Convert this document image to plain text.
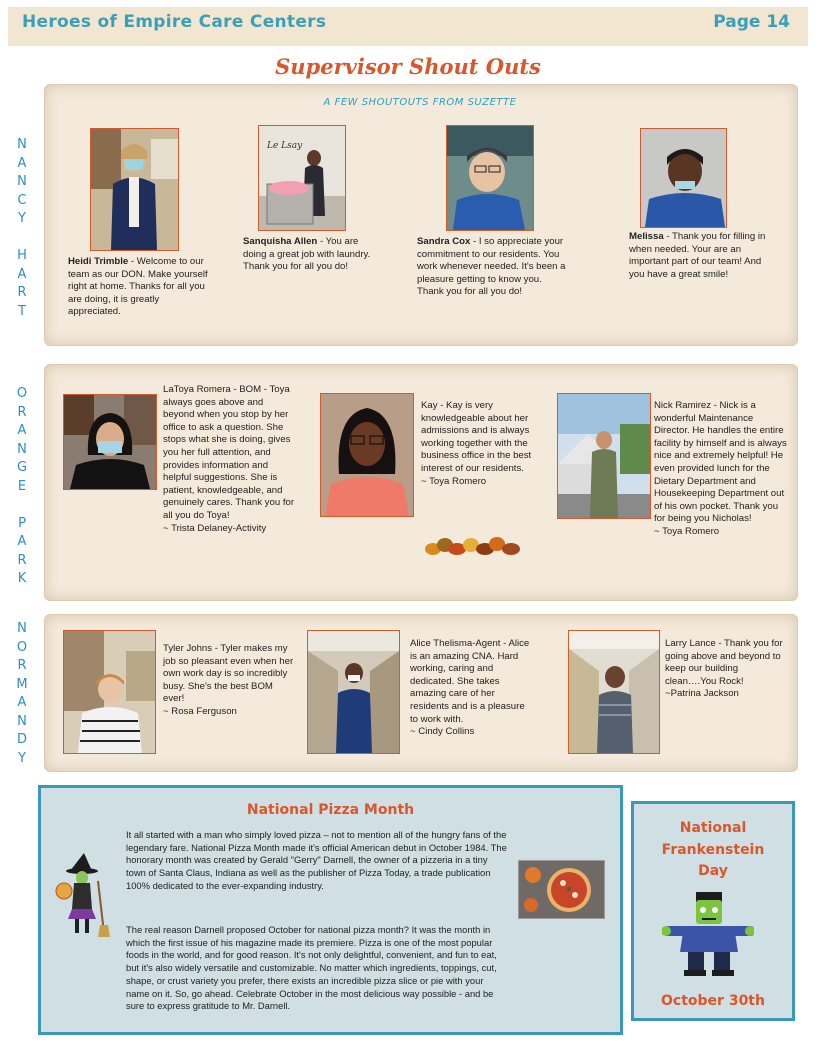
Heroes of Empire Care Centers	Page 14
Supervisor Shout Outs
N
A
N
C
Y

H
A
R
T
A FEW SHOUTOUTS FROM SUZETTE
Heidi Trimble - Welcome to our team as our DON. Make yourself right at home. Thanks for all you are doing, it is greatly appreciated.
Le Lsay
Sanquisha Allen - You are doing a great job with laundry. Thank you for all you do!
Sandra Cox - I so appreciate your commitment to our residents. You work whenever needed. It's been a pleasure getting to know you. Thank you for all you do!
Melissa - Thank you for filling in when needed. Your are an important part of our team! And you have a great smile!
O
R
A
N
G
E

P
A
R
K
LaToya Romera - BOM - Toya always goes above and beyond when you stop by her office to ask a question. She stops what she is doing, gives you her full attention, and provides information and helpful suggestions. She is patient, knowledgeable, and genuinely cares. Thank you for all you do Toya!
~ Trista Delaney-Activity
Kay - Kay is very knowledgeable about her admissions and is always working together with the business office in the best interest of our residents.
~ Toya Romero
Nick Ramirez - Nick is a wonderful Maintenance Director. He handles the entire facility by himself and is always nice and extremely helpful! He even provided lunch for the Dietary Department and Housekeeping Department out of his own pocket. Thank you for being you Nicholas!
~ Toya Romero
N
O
R
M
A
N
D
Y
Tyler Johns - Tyler makes my job so pleasant even when her own work day is so incredibly busy. She's the best BOM ever!
~ Rosa Ferguson
Alice Thelisma-Agent - Alice is an amazing CNA. Hard working, caring and dedicated. She takes amazing care of her residents and is a pleasure to work with.
~ Cindy Collins
Larry Lance - Thank you for going above and beyond to keep our building clean….You Rock!
~Patrina Jackson
National Pizza Month
It all started with a man who simply loved pizza – not to mention all of the hungry fans of the legendary fare. National Pizza Month made it's official American debut in October 1984. The honorary month was created by Gerald "Gerry" Darnell, the owner of a pizzeria in a tiny town of Santa Claus, Indiana as well as the publisher of Pizza Today, a trade publication 100% dedicated to the ever-expanding industry.
The real reason Darnell proposed October for national pizza month? It was the month in which the first issue of his magazine made its premiere. Pizza is one of the most popular foods in the world, and for good reason. It's not only delightful, convenient, and fun to eat, but it's also widely versatile and customizable. No matter which ingredients, toppings, cut, shape, or crust variety you prefer, there exists an incredible pizza slice or pie with your name on it. So, go ahead. Celebrate October in the most delicious way possible - and be sure to express gratitude to Mr. Darnell.
National
Frankenstein
Day
October 30th
